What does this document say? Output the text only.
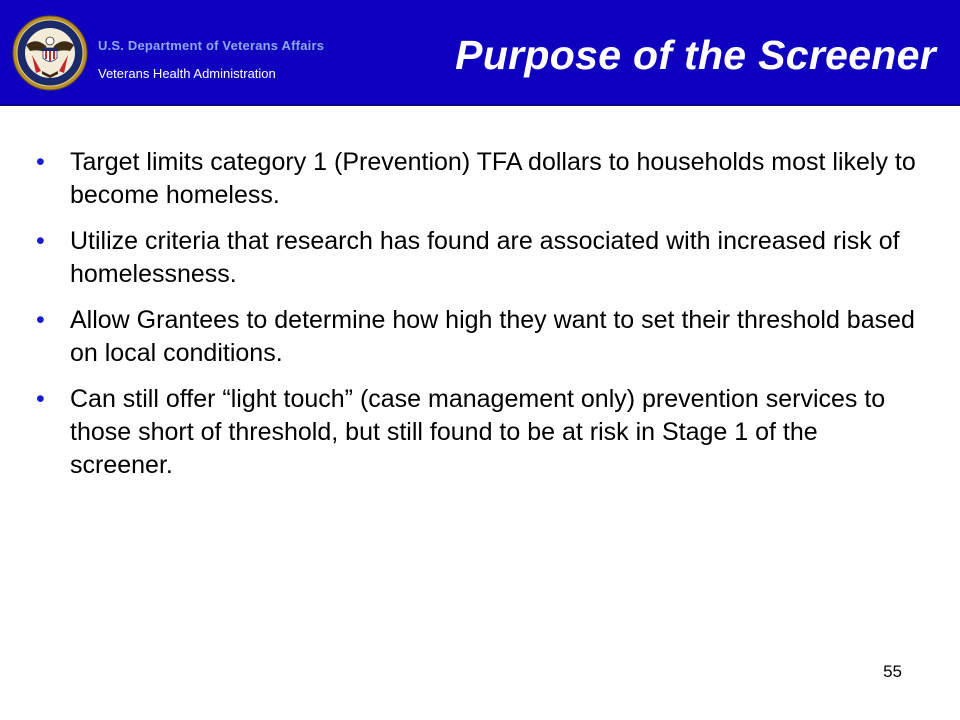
U.S. Department of Veterans Affairs
Veterans Health Administration	Purpose of the Screener
• Target limits category 1 (Prevention) TFA dollars to households most likely to become homeless.
• Utilize criteria that research has found are associated with increased risk of homelessness.
• Allow Grantees to determine how high they want to set their threshold based on local conditions.
• Can still offer “light touch” (case management only) prevention services to those short of threshold, but still found to be at risk in Stage 1 of the screener.
55
